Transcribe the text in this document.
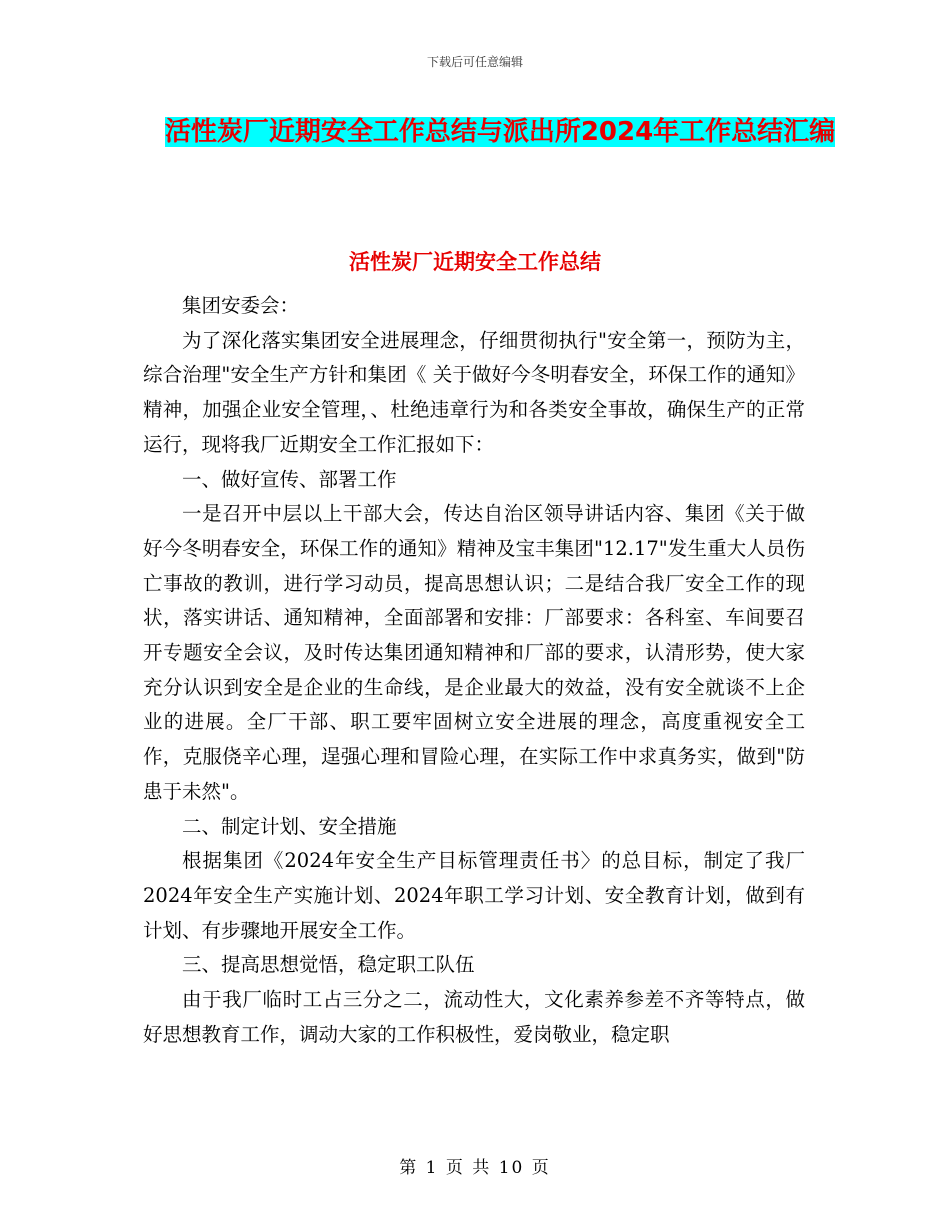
下载后可任意编辑
活性炭厂近期安全工作总结与派出所2024年工作总结汇编
活性炭厂近期安全工作总结

集团安委会：

为了深化落实集团安全进展理念，仔细贯彻执行"安全第一，预防为主，综合治理"安全生产方针和集团《 关于做好今冬明春安全，环保工作的通知》精神，加强企业安全管理，、杜绝违章行为和各类安全事故，确保生产的正常运行，现将我厂近期安全工作汇报如下：

一、做好宣传、部署工作

一是召开中层以上干部大会，传达自治区领导讲话内容、集团《关于做好今冬明春安全，环保工作的通知》精神及宝丰集团"12.17"发生重大人员伤亡事故的教训，进行学习动员，提高思想认识；二是结合我厂安全工作的现状，落实讲话、通知精神，全面部署和安排：厂部要求：各科室、车间要召开专题安全会议，及时传达集团通知精神和厂部的要求，认清形势，使大家充分认识到安全是企业的生命线，是企业最大的效益，没有安全就谈不上企业的进展。全厂干部、职工要牢固树立安全进展的理念，高度重视安全工作，克服侥辛心理，逞强心理和冒险心理，在实际工作中求真务实，做到"防患于未然"。

二、制定计划、安全措施

根据集团《2024年安全生产目标管理责任书〉的总目标，制定了我厂2024年安全生产实施计划、2024年职工学习计划、安全教育计划，做到有计划、有步骤地开展安全工作。

三、提高思想觉悟，稳定职工队伍

由于我厂临时工占三分之二，流动性大，文化素养参差不齐等特点，做好思想教育工作，调动大家的工作积极性，爱岗敬业，稳定职

第 1 页 共 10 页
